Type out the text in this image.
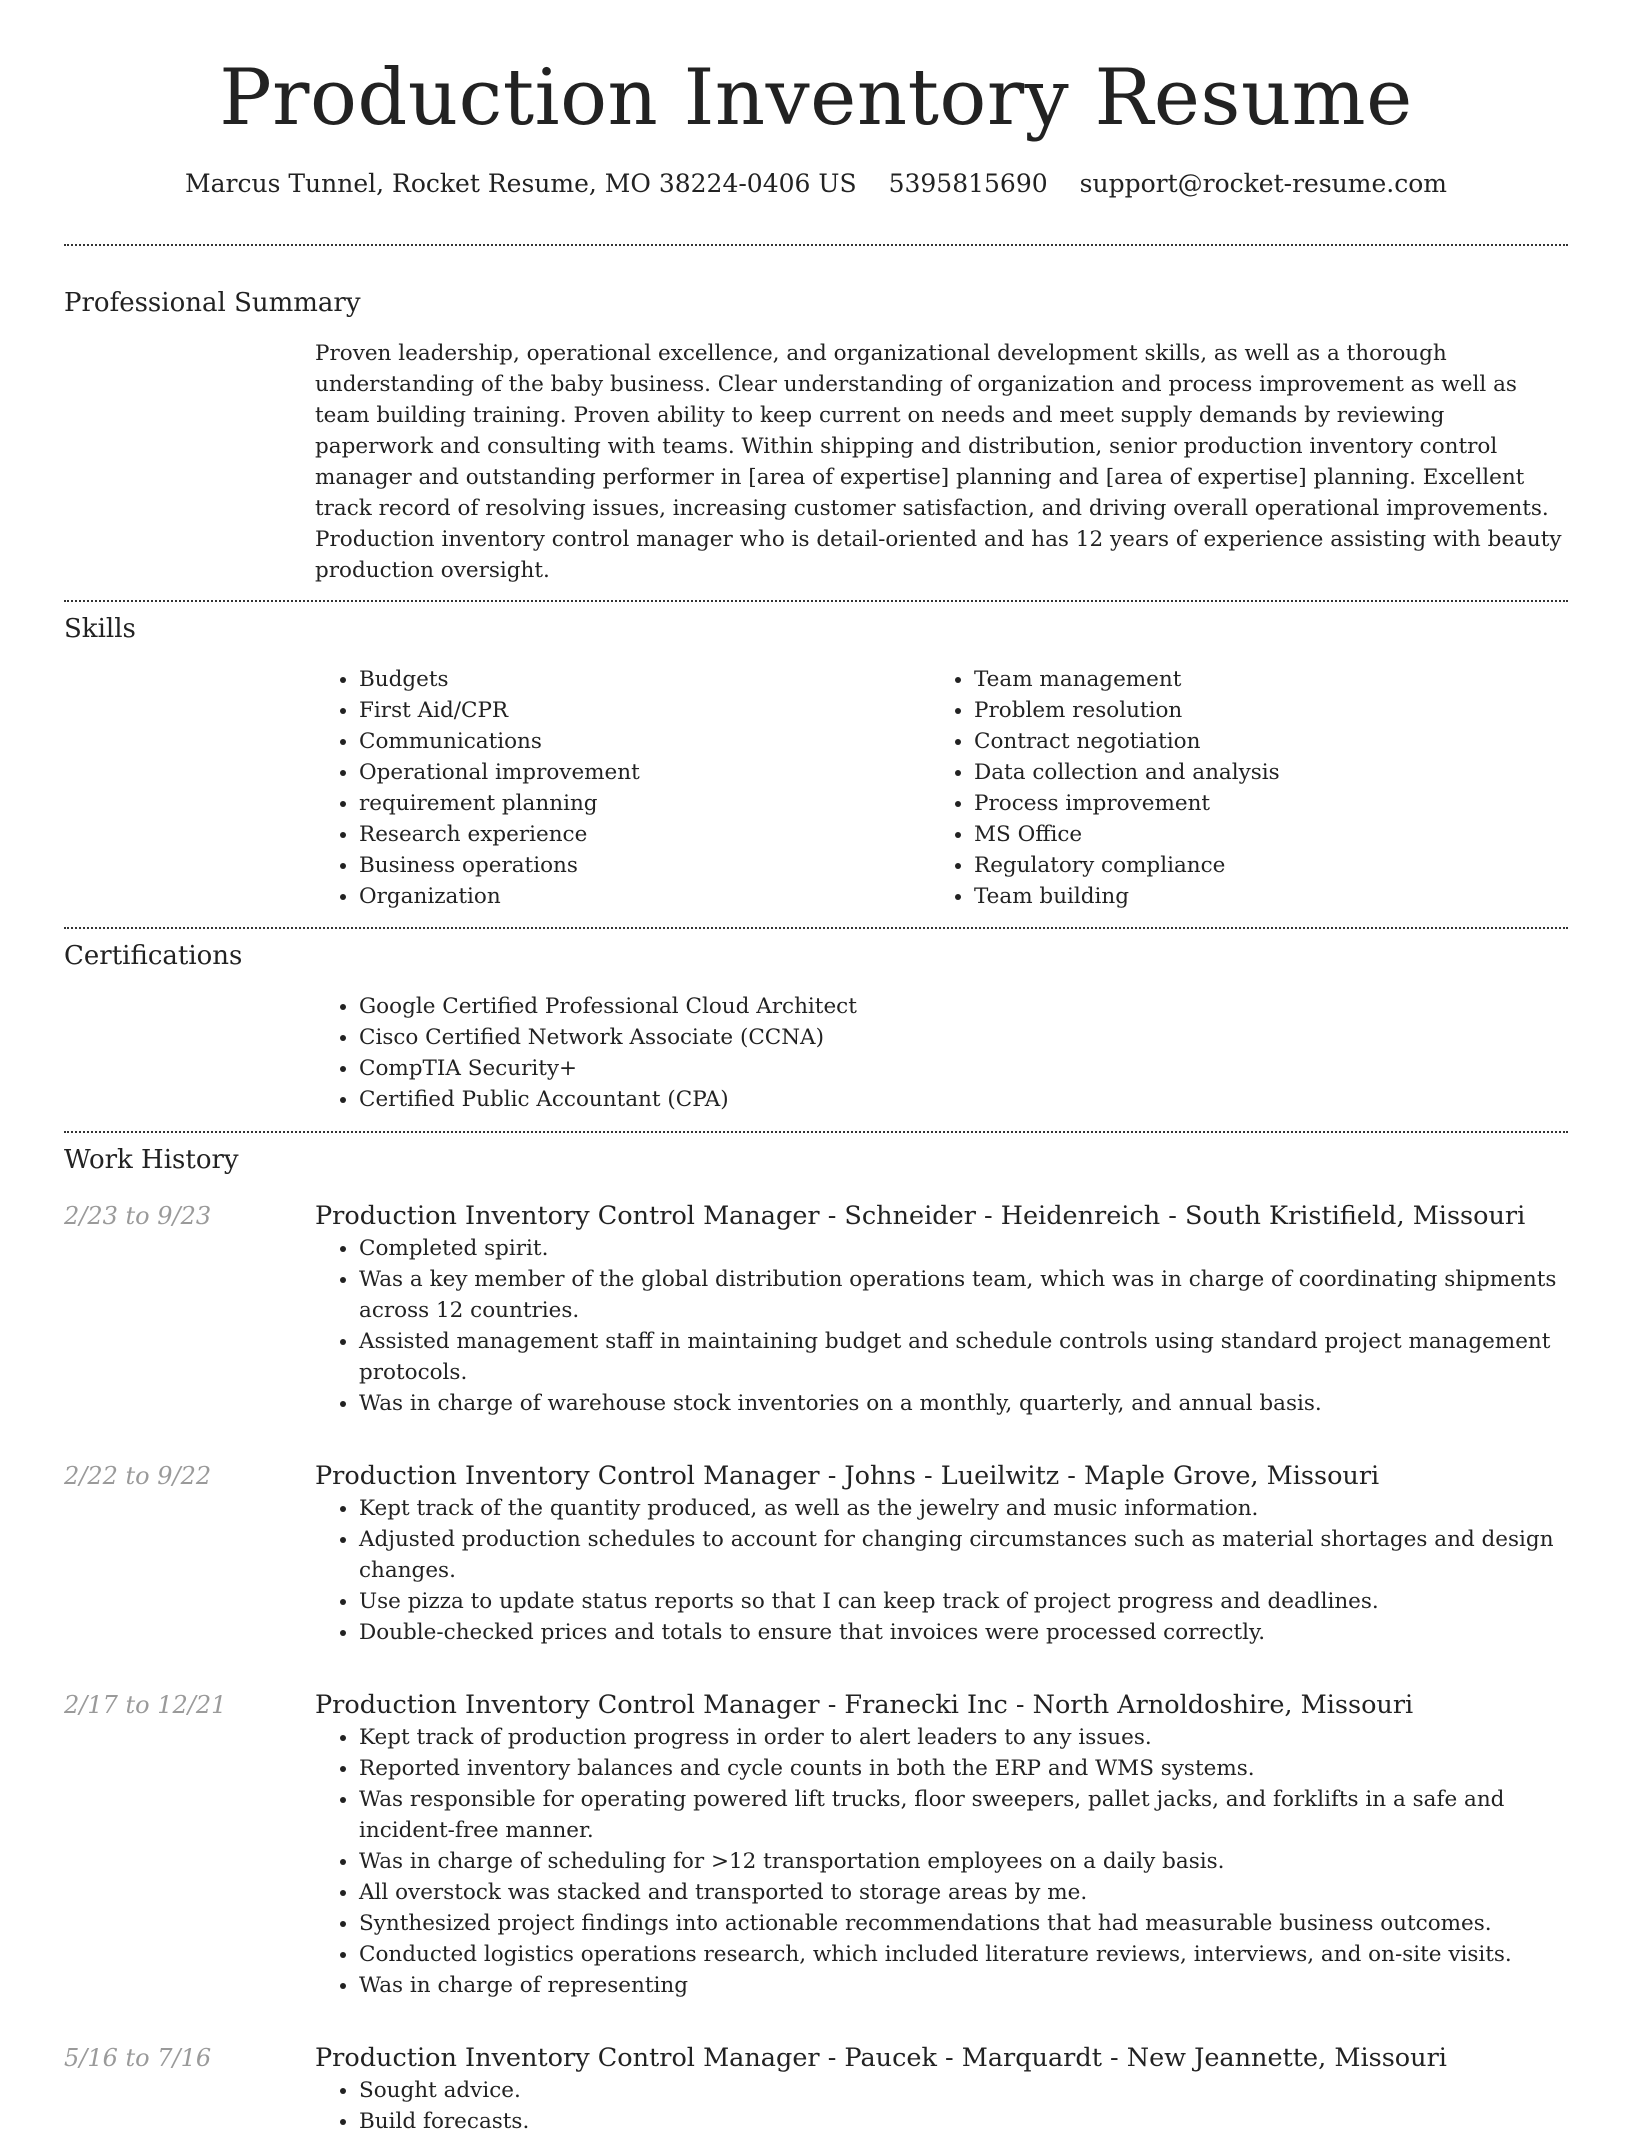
Production Inventory Resume
Marcus Tunnel, Rocket Resume, MO 38224-0406 US 5395815690 support@rocket-resume.com
Professional Summary

Proven leadership, operational excellence, and organizational development skills, as well as a thorough understanding of the baby business. Clear understanding of organization and process improvement as well as team building training. Proven ability to keep current on needs and meet supply demands by reviewing paperwork and consulting with teams. Within shipping and distribution, senior production inventory control manager and outstanding performer in [area of expertise] planning and [area of expertise] planning. Excellent track record of resolving issues, increasing customer satisfaction, and driving overall operational improvements. Production inventory control manager who is detail-oriented and has 12 years of experience assisting with beauty production oversight.

Skills
• Budgets
• First Aid/CPR
• Communications
• Operational improvement
• requirement planning
• Research experience
• Business operations
• Organization
• Team management
• Problem resolution
• Contract negotiation
• Data collection and analysis
• Process improvement
• MS Office
• Regulatory compliance
• Team building
Certifications
• Google Certified Professional Cloud Architect
• Cisco Certified Network Associate (CCNA)
• CompTIA Security+
• Certified Public Accountant (CPA)
Work History
2/23 to 9/23	Production Inventory Control Manager - Schneider - Heidenreich - South Kristifield, Missouri
• Completed spirit.
• Was a key member of the global distribution operations team, which was in charge of coordinating shipments across 12 countries.
• Assisted management staff in maintaining budget and schedule controls using standard project management protocols.
• Was in charge of warehouse stock inventories on a monthly, quarterly, and annual basis.
2/22 to 9/22	Production Inventory Control Manager - Johns - Lueilwitz - Maple Grove, Missouri
• Kept track of the quantity produced, as well as the jewelry and music information.
• Adjusted production schedules to account for changing circumstances such as material shortages and design changes.
• Use pizza to update status reports so that I can keep track of project progress and deadlines.
• Double-checked prices and totals to ensure that invoices were processed correctly.
2/17 to 12/21	Production Inventory Control Manager - Franecki Inc - North Arnoldoshire, Missouri
• Kept track of production progress in order to alert leaders to any issues.
• Reported inventory balances and cycle counts in both the ERP and WMS systems.
• Was responsible for operating powered lift trucks, floor sweepers, pallet jacks, and forklifts in a safe and incident-free manner.
• Was in charge of scheduling for >12 transportation employees on a daily basis.
• All overstock was stacked and transported to storage areas by me.
• Synthesized project findings into actionable recommendations that had measurable business outcomes.
• Conducted logistics operations research, which included literature reviews, interviews, and on-site visits.
• Was in charge of representing
5/16 to 7/16	Production Inventory Control Manager - Paucek - Marquardt - New Jeannette, Missouri
• Sought advice.
• Build forecasts.
